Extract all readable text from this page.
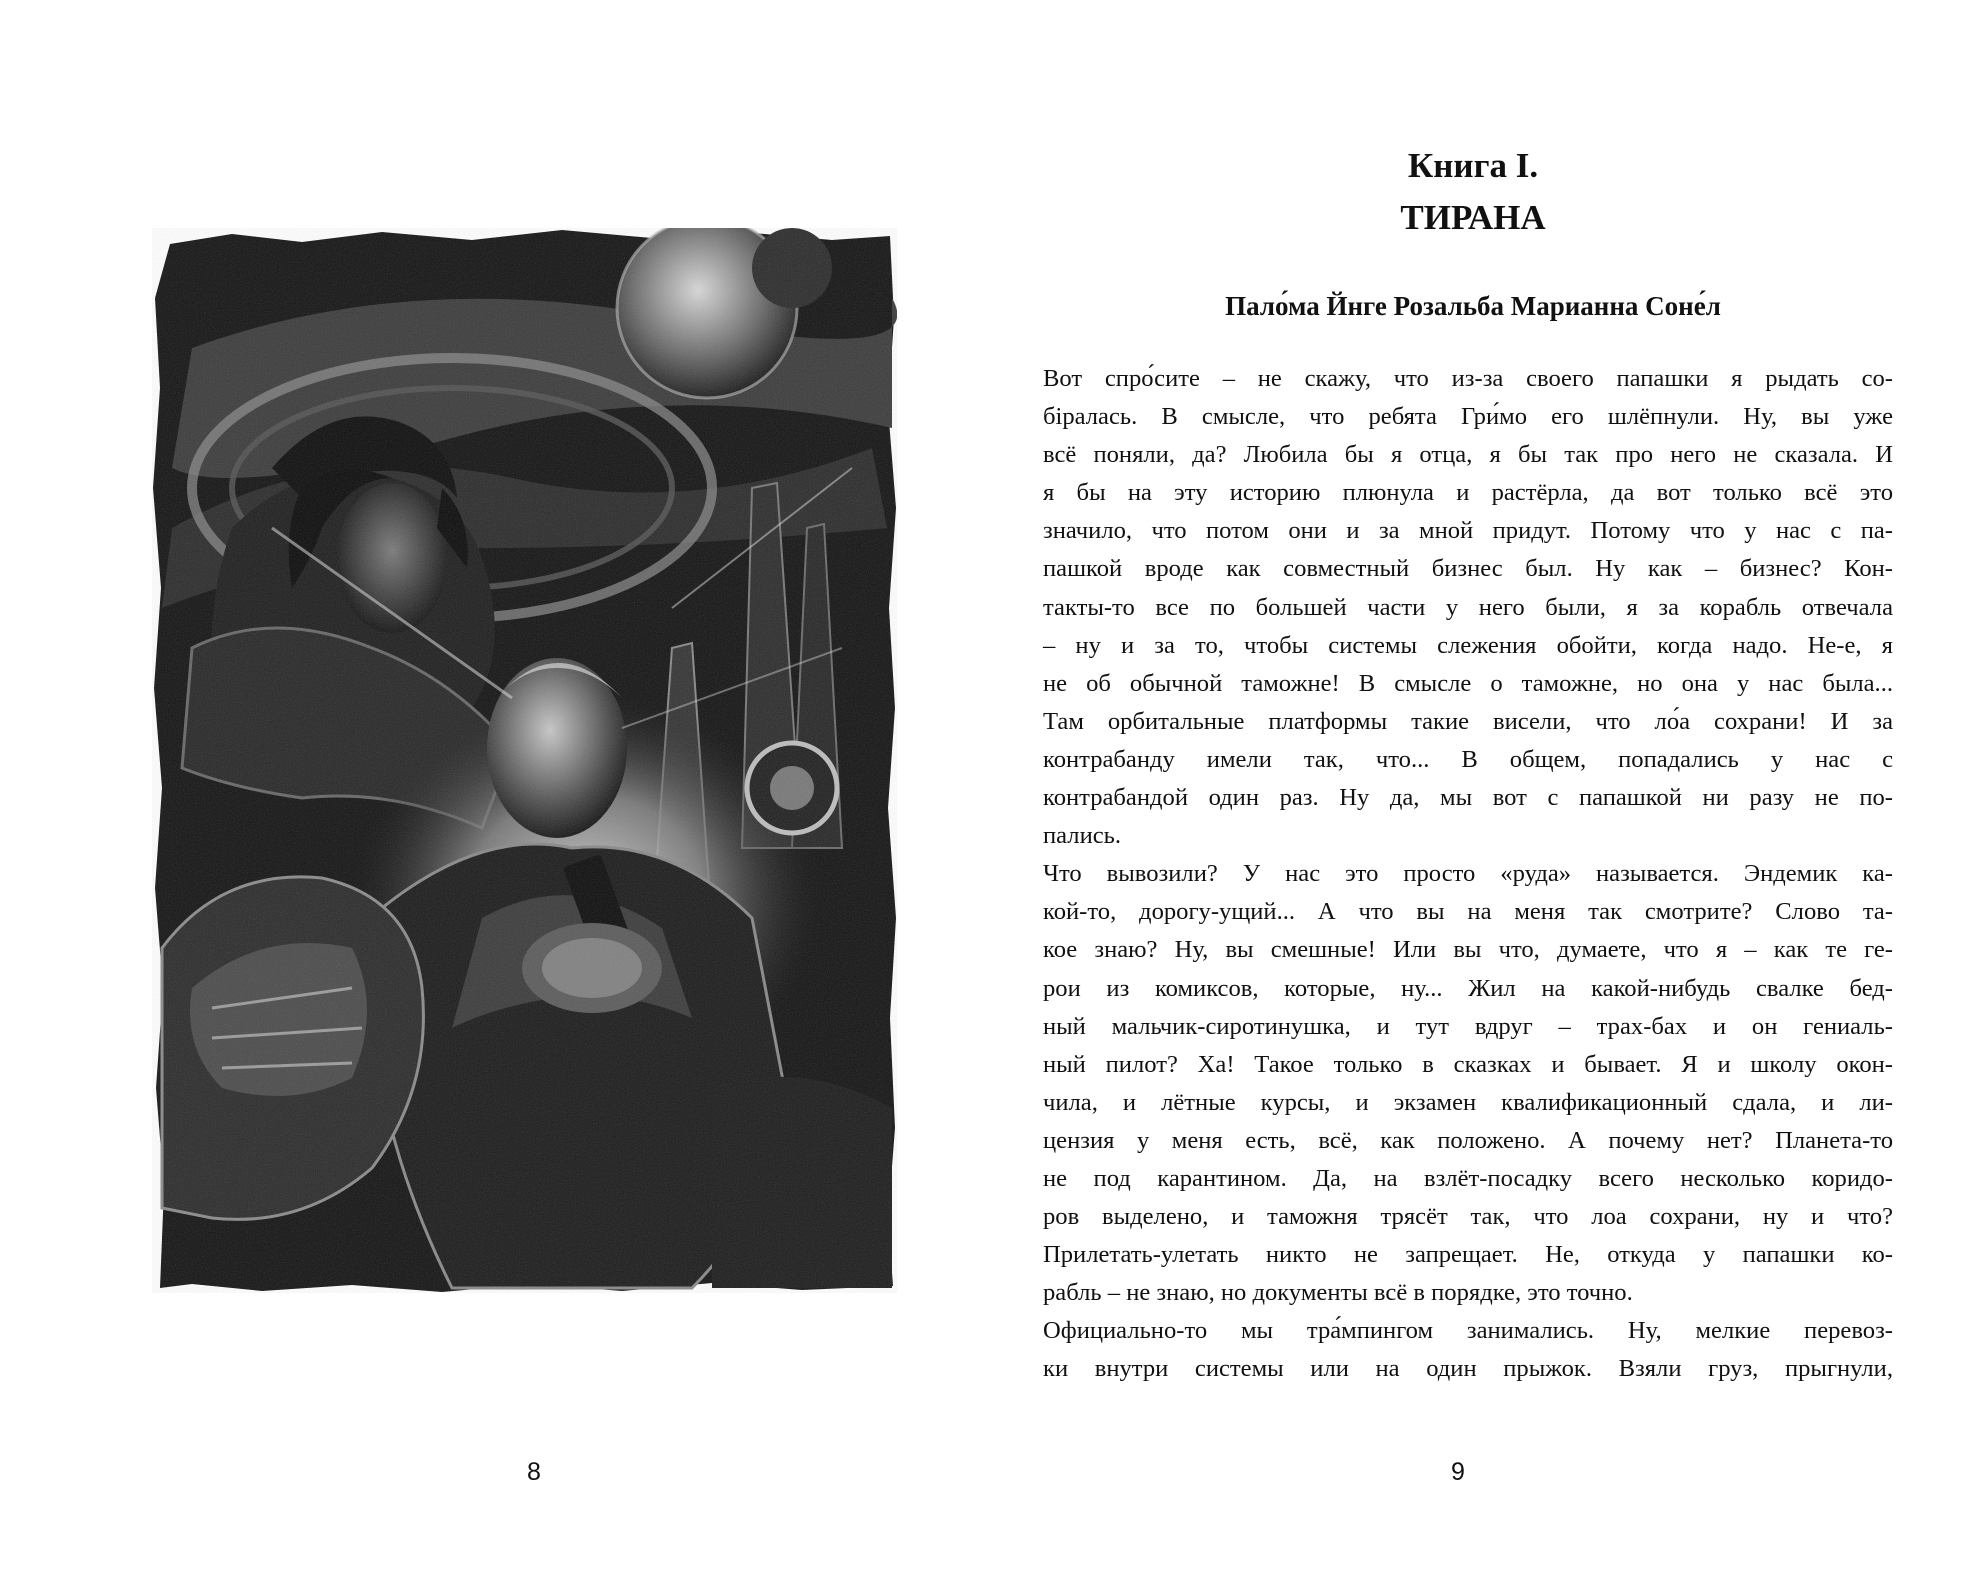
8
Книга I.
ТИРАНА
Пало́ма Йнге Розальба Марианна Соне́л
Вот спро́сите – не скажу, что из-за своего папашки я рыдать со-
бiралась. В смысле, что ребята Гри́мо его шлёпнули. Ну, вы уже
всё поняли, да? Любила бы я отца, я бы так про него не сказала. И
я бы на эту историю плюнула и растёрла, да вот только всё это
значило, что потом они и за мной придут. Потому что у нас с па-
пашкой вроде как совместный бизнес был. Ну как – бизнес? Кон-
такты-то все по большей части у него были, я за корабль отвечала
– ну и за то, чтобы системы слежения обойти, когда надо. Не-е, я
не об обычной таможне! В смысле о таможне, но она у нас была...
Там орбитальные платформы такие висели, что ло́а сохрани! И за
контрабанду имели так, что... В общем, попадались у нас с
контрабандой один раз. Ну да, мы вот с папашкой ни разу не по-
пались.
Что вывозили? У нас это просто «руда» называется. Эндемик ка-
кой-то, дорогу-ущий... А что вы на меня так смотрите? Слово та-
кое знаю? Ну, вы смешные! Или вы что, думаете, что я – как те ге-
рои из комиксов, которые, ну... Жил на какой-нибудь свалке бед-
ный мальчик-сиротинушка, и тут вдруг – трах-бах и он гениаль-
ный пилот? Ха! Такое только в сказках и бывает. Я и школу окон-
чила, и лётные курсы, и экзамен квалификационный сдала, и ли-
цензия у меня есть, всё, как положено. А почему нет? Планета-то
не под карантином. Да, на взлёт-посадку всего несколько коридо-
ров выделено, и таможня трясёт так, что лоа сохрани, ну и что?
Прилетать-улетать никто не запрещает. Не, откуда у папашки ко-
рабль – не знаю, но документы всё в порядке, это точно.
Официально-то мы тра́мпингом занимались. Ну, мелкие перевоз-
ки внутри системы или на один прыжок. Взяли груз, прыгнули,
9
